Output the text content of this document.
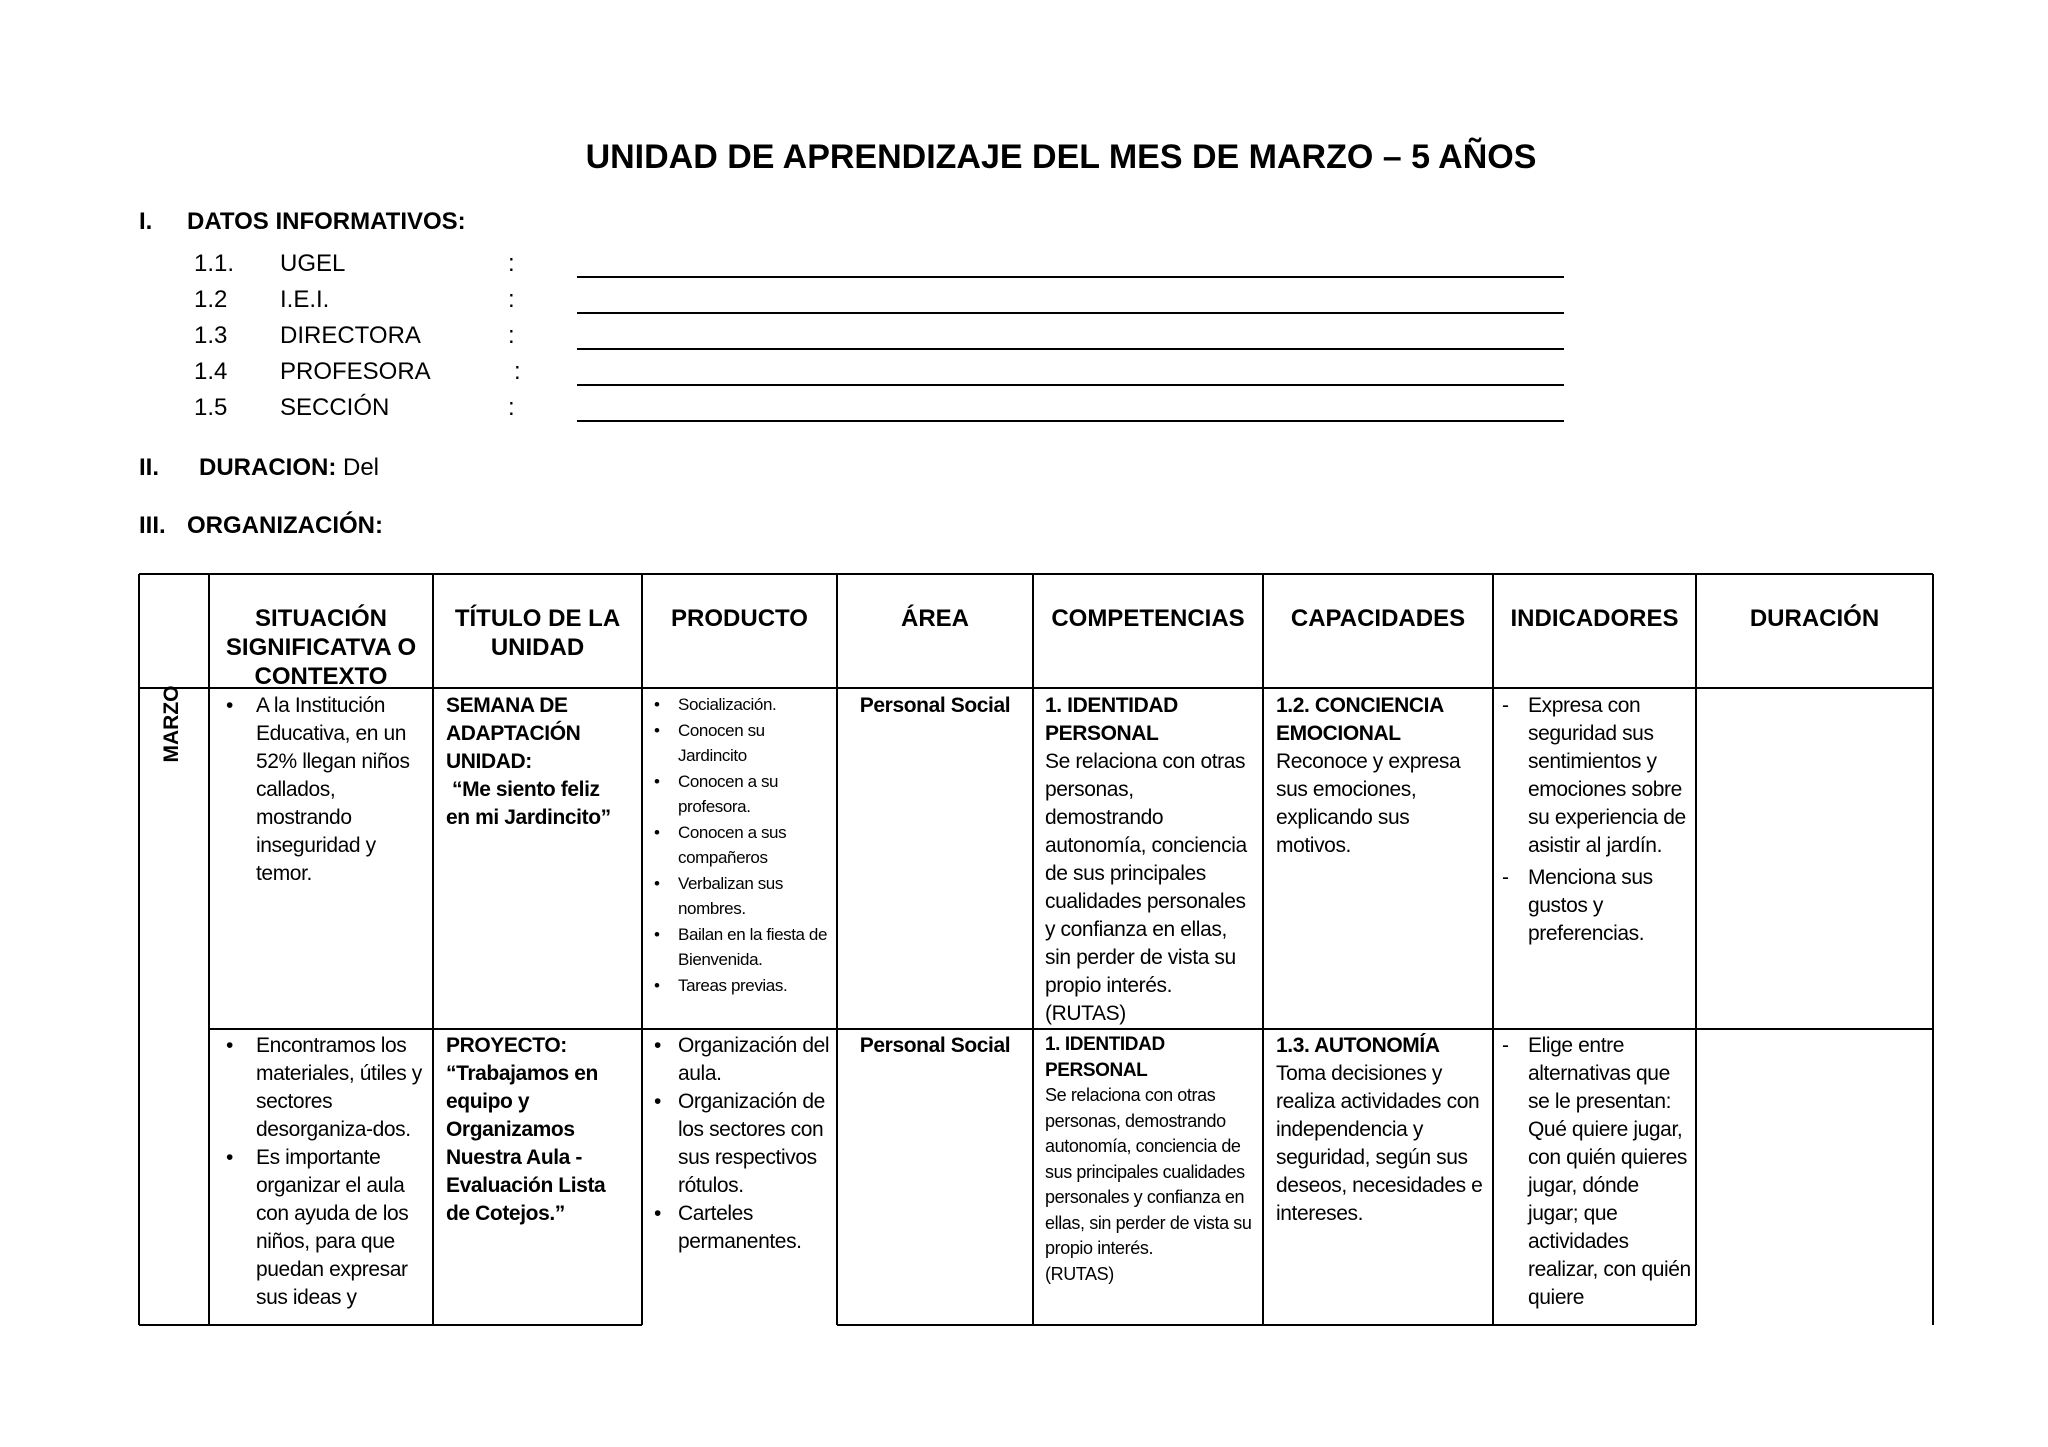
UNIDAD DE APRENDIZAJE DEL MES DE MARZO – 5 AÑOS
I. DATOS INFORMATIVOS:
1.1. UGEL	:
1.2 I.E.I.	:
1.3 DIRECTORA	:
1.4 PROFESORA	:
1.5 SECCIÓN	:
II. DURACION: Del
III. ORGANIZACIÓN:
SITUACIÓN SIGNIFICATVA O CONTEXTO
TÍTULO DE LA UNIDAD
PRODUCTO	ÁREA	COMPETENCIAS	CAPACIDADES	INDICADORES	DURACIÓN
MARZO
•	A la Institución Educativa, en un 52% llegan niños callados, mostrando inseguridad y temor.
SEMANA DE
ADAPTACIÓN
UNIDAD:
“Me siento feliz
en mi Jardincito”
• Socialización.
• Conocen su Jardincito
• Conocen a su profesora.
• Conocen a sus compañeros
• Verbalizan sus nombres.
• Bailan en la fiesta de Bienvenida.
• Tareas previas.
Personal Social	1. IDENTIDAD PERSONAL
Se relaciona con otras personas, demostrando autonomía, conciencia de sus principales cualidades personales y confianza en ellas, sin perder de vista su propio interés.
(RUTAS)
1.2. CONCIENCIA EMOCIONAL
Reconoce y expresa sus emociones, explicando sus motivos.
- Expresa con seguridad sus sentimientos y emociones sobre su experiencia de asistir al jardín.
- Menciona sus gustos y preferencias.
• Encontramos los materiales, útiles y sectores desorganiza-dos.
• Es importante organizar el aula con ayuda de los niños, para que puedan expresar sus ideas y
PROYECTO:
“Trabajamos en
equipo y
Organizamos
Nuestra Aula -
Evaluación Lista
de Cotejos.”
• Organización del aula.
• Organización de los sectores con sus respectivos rótulos.
• Carteles permanentes.
Personal Social	1. IDENTIDAD PERSONAL
Se relaciona con otras personas, demostrando autonomía, conciencia de sus principales cualidades personales y confianza en ellas, sin perder de vista su propio interés.
(RUTAS)
1.3. AUTONOMÍA
Toma decisiones y realiza actividades con independencia y seguridad, según sus deseos, necesidades e intereses.
- Elige entre alternativas que se le presentan: Qué quiere jugar, con quién quieres jugar, dónde jugar; que actividades realizar, con quién quiere
